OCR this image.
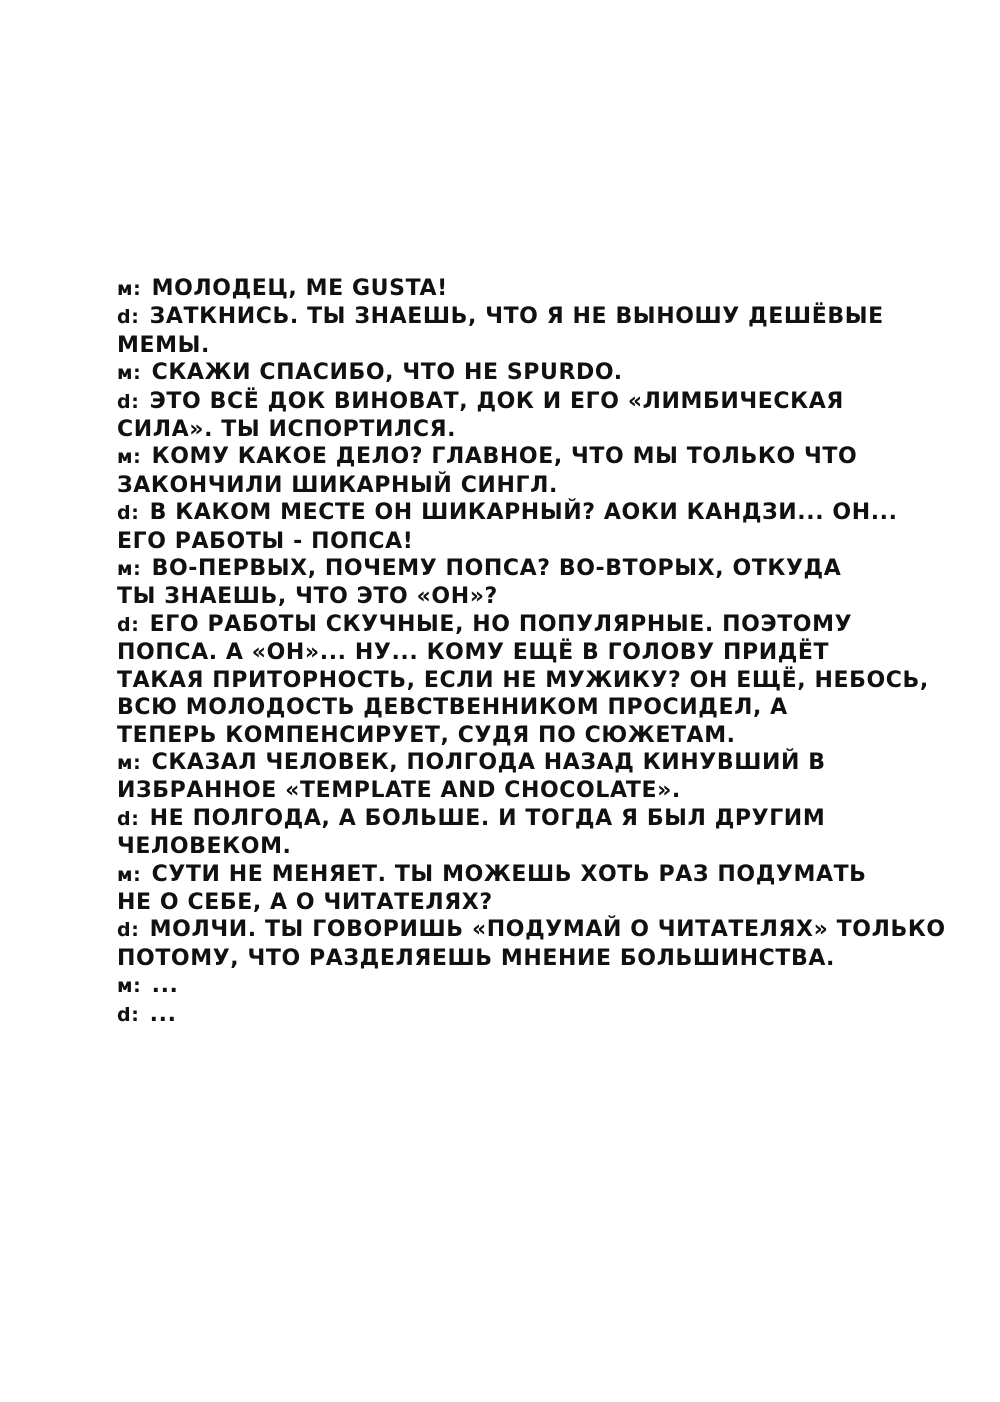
м: МОЛОДЕЦ, МЕ GUSTA!
d: ЗАТКНИСЬ. ТЫ ЗНАЕШЬ, ЧТО Я НЕ ВЫНОШУ ДЕШЁВЫЕ
МЕМЫ.
м: СКАЖИ СПАСИБО, ЧТО НЕ SPURDO.
d: ЭТО ВСЁ ДОК ВИНОВАТ, ДОК И ЕГО «ЛИМБИЧЕСКАЯ
СИЛА». ТЫ ИСПОРТИЛСЯ.
м: КОМУ КАКОЕ ДЕЛО? ГЛАВНОЕ, ЧТО МЫ ТОЛЬКО ЧТО
ЗАКОНЧИЛИ ШИКАРНЫЙ СИНГЛ.
d: В КАКОМ МЕСТЕ ОН ШИКАРНЫЙ? АОКИ КАНДЗИ... ОН...
ЕГО РАБОТЫ - ПОПСА!
м: ВО-ПЕРВЫХ, ПОЧЕМУ ПОПСА? ВО-ВТОРЫХ, ОТКУДА
ТЫ ЗНАЕШЬ, ЧТО ЭТО «ОН»?
d: ЕГО РАБОТЫ СКУЧНЫЕ, НО ПОПУЛЯРНЫЕ. ПОЭТОМУ
ПОПСА. А «ОН»... НУ... КОМУ ЕЩЁ В ГОЛОВУ ПРИДЁТ
ТАКАЯ ПРИТОРНОСТЬ, ЕСЛИ НЕ МУЖИКУ? ОН ЕЩЁ, НЕБОСЬ,
ВСЮ МОЛОДОСТЬ ДЕВСТВЕННИКОМ ПРОСИДЕЛ, А
ТЕПЕРЬ КОМПЕНСИРУЕТ, СУДЯ ПО СЮЖЕТАМ.
м: СКАЗАЛ ЧЕЛОВЕК, ПОЛГОДА НАЗАД КИНУВШИЙ В
ИЗБРАННОЕ «TEMPLATE AND CHOCOLATE».
d: НЕ ПОЛГОДА, А БОЛЬШЕ. И ТОГДА Я БЫЛ ДРУГИМ
ЧЕЛОВЕКОМ.
м: СУТИ НЕ МЕНЯЕТ. ТЫ МОЖЕШЬ ХОТЬ РАЗ ПОДУМАТЬ
НЕ О СЕБЕ, А О ЧИТАТЕЛЯХ?
d: МОЛЧИ. ТЫ ГОВОРИШЬ «ПОДУМАЙ О ЧИТАТЕЛЯХ» ТОЛЬКО
ПОТОМУ, ЧТО РАЗДЕЛЯЕШЬ МНЕНИЕ БОЛЬШИНСТВА.
м: ...
d: ...
